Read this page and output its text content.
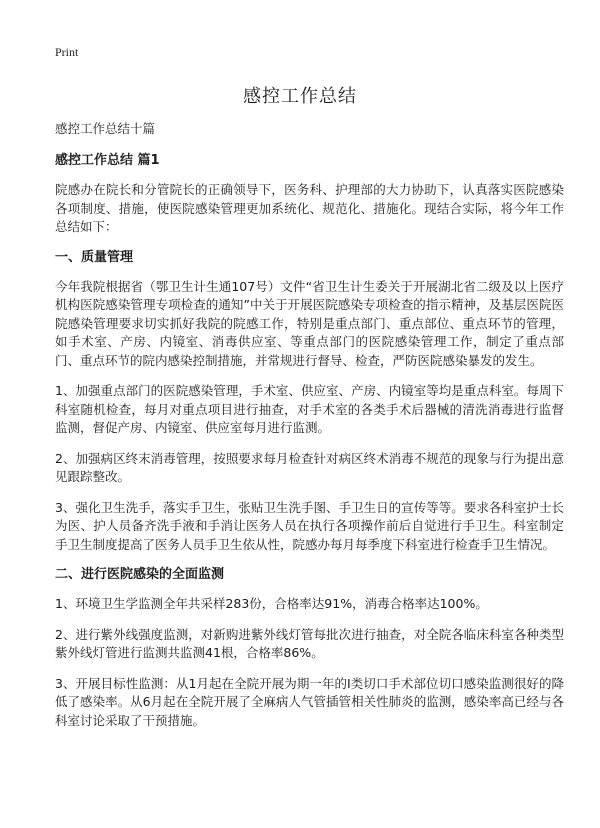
Print
感控工作总结
感控工作总结十篇
感控工作总结 篇1

院感办在院长和分管院长的正确领导下，医务科、护理部的大力协助下，认真落实医院感染各项制度、措施，使医院感染管理更加系统化、规范化、措施化。现结合实际，将今年工作总结如下：

一、质量管理

今年我院根据省（鄂卫生计生通107号）文件“省卫生计生委关于开展湖北省二级及以上医疗机构医院感染管理专项检查的通知”中关于开展医院感染专项检查的指示精神，及基层医院医院感染管理要求切实抓好我院的院感工作，特别是重点部门、重点部位、重点环节的管理，如手术室、产房、内镜室、消毒供应室、等重点部门的医院感染管理工作，制定了重点部门、重点环节的院内感染控制措施，并常规进行督导、检查，严防医院感染暴发的发生。

1、加强重点部门的医院感染管理，手术室、供应室、产房、内镜室等均是重点科室。每周下科室随机检查，每月对重点项目进行抽查，对手术室的各类手术后器械的清洗消毒进行监督监测，督促产房、内镜室、供应室每月进行监测。

2、加强病区终末消毒管理，按照要求每月检查针对病区终术消毒不规范的现象与行为提出意见跟踪整改。

3、强化卫生洗手，落实手卫生，张贴卫生洗手图、手卫生日的宣传等等。要求各科室护士长为医、护人员备齐洗手液和手消让医务人员在执行各项操作前后自觉进行手卫生。科室制定手卫生制度提高了医务人员手卫生依从性，院感办每月每季度下科室进行检查手卫生情况。

二、进行医院感染的全面监测

1、环境卫生学监测全年共采样283份，合格率达91%，消毒合格率达100%。

2、进行紫外线强度监测，对新购进紫外线灯管每批次进行抽查，对全院各临床科室各种类型紫外线灯管进行监测共监测41根，合格率86%。

3、开展目标性监测：从1月起在全院开展为期一年的I类切口手术部位切口感染监测很好的降低了感染率。从6月起在全院开展了全麻病人气管插管相关性肺炎的监测，感染率高已经与各科室讨论采取了干预措施。
